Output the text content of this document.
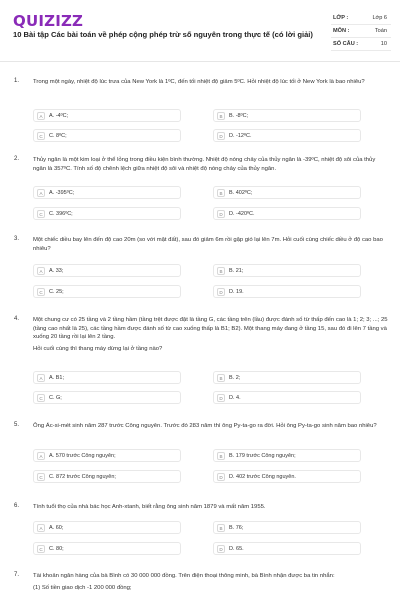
QUIZIZZ
10 Bài tập Các bài toán về phép cộng phép trừ số nguyên trong thực tế (có lời giải)
LỚP :	Lớp 6
MÔN :	Toán
SỐ CÂU :	10
1. Trong một ngày, nhiệt độ lúc trưa của New York là 1ºC, đến tối nhiệt độ giảm 5ºC. Hỏi nhiệt độ lúc tối ở New York là bao nhiêu?

A	A. -4ºC;	B	B. -8ºC;
C	C. 8ºC;	D	D. -12ºC.
2. Thủy ngân là một kim loại ở thể lỏng trong điều kiện bình thường. Nhiệt độ nóng chảy của thủy ngân là -39ºC, nhiệt độ sôi của thủy ngân là 357ºC. Tính số độ chênh lệch giữa nhiệt độ sôi và nhiệt độ nóng chảy của thủy ngân.

A	A. -395ºC;	B	B. 402ºC;
C	C. 396ºC;	D	D. -420ºC.
3. Một chiếc diều bay lên đến độ cao 20m (so với mặt đất), sau đó giảm 6m rồi gặp gió lại lên 7m. Hỏi cuối cùng chiếc diều ở độ cao bao nhiêu?

A	A. 33;	B	B. 21;
C	C. 25;	D	D. 19.
4. Một chung cư có 25 tầng và 2 tầng hầm (tầng trệt được đặt là tầng G, các tầng trên (lầu) được đánh số từ thấp đến cao là 1; 2; 3; ...; 25 (tầng cao nhất là 25), các tầng hầm được đánh số từ cao xuống thấp là B1; B2). Một thang máy đang ở tầng 15, sau đó đi lên 7 tầng và xuống 20 tầng rồi lại lên 2 tầng.

Hỏi cuối cùng thì thang máy dừng lại ở tầng nào?

A	A. B1;	B	B. 2;
C	C. G;	D	D. 4.
5. Ông Ác-si-mét sinh năm 287 trước Công nguyên. Trước đó 283 năm thì ông Py-ta-go ra đời. Hỏi ông Py-ta-go sinh năm bao nhiêu?

A	A. 570 trước Công nguyên;	B	B. 179 trước Công nguyên;
C	C. 872 trước Công nguyên;	D	D. 402 trước Công nguyên.
6. Tính tuổi thọ của nhà bác học Anh-xtanh, biết rằng ông sinh năm 1879 và mất năm 1955.

A	A. 60;	B	B. 76;
C	C. 80;	D	D. 65.
7. Tài khoản ngân hàng của bà Bình có 30 000 000 đồng. Trên điện thoại thông minh, bà Bình nhận được ba tin nhắn:

(1) Số tiền giao dịch -1 200 000 đồng;
